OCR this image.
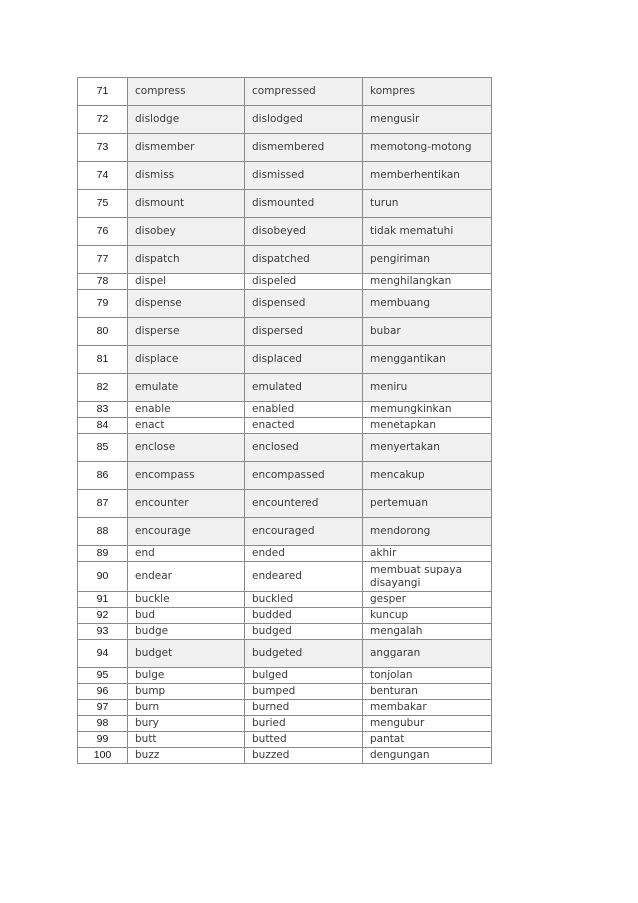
71	compress	compressed	kompres
72	dislodge	dislodged	mengusir
73	dismember	dismembered	memotong-motong
74	dismiss	dismissed	memberhentikan
75	dismount	dismounted	turun
76	disobey	disobeyed	tidak mematuhi
77	dispatch	dispatched	pengiriman
78	dispel	dispeled	menghilangkan
79	dispense	dispensed	membuang
80	disperse	dispersed	bubar
81	displace	displaced	menggantikan
82	emulate	emulated	meniru
83	enable	enabled	memungkinkan
84	enact	enacted	menetapkan
85	enclose	enclosed	menyertakan
86	encompass	encompassed	mencakup
87	encounter	encountered	pertemuan
88	encourage	encouraged	mendorong
89	end	ended	akhir
90	endear	endeared	membuat supaya disayangi
91	buckle	buckled	gesper
92	bud	budded	kuncup
93	budge	budged	mengalah
94	budget	budgeted	anggaran
95	bulge	bulged	tonjolan
96	bump	bumped	benturan
97	burn	burned	membakar
98	bury	buried	mengubur
99	butt	butted	pantat
100	buzz	buzzed	dengungan
